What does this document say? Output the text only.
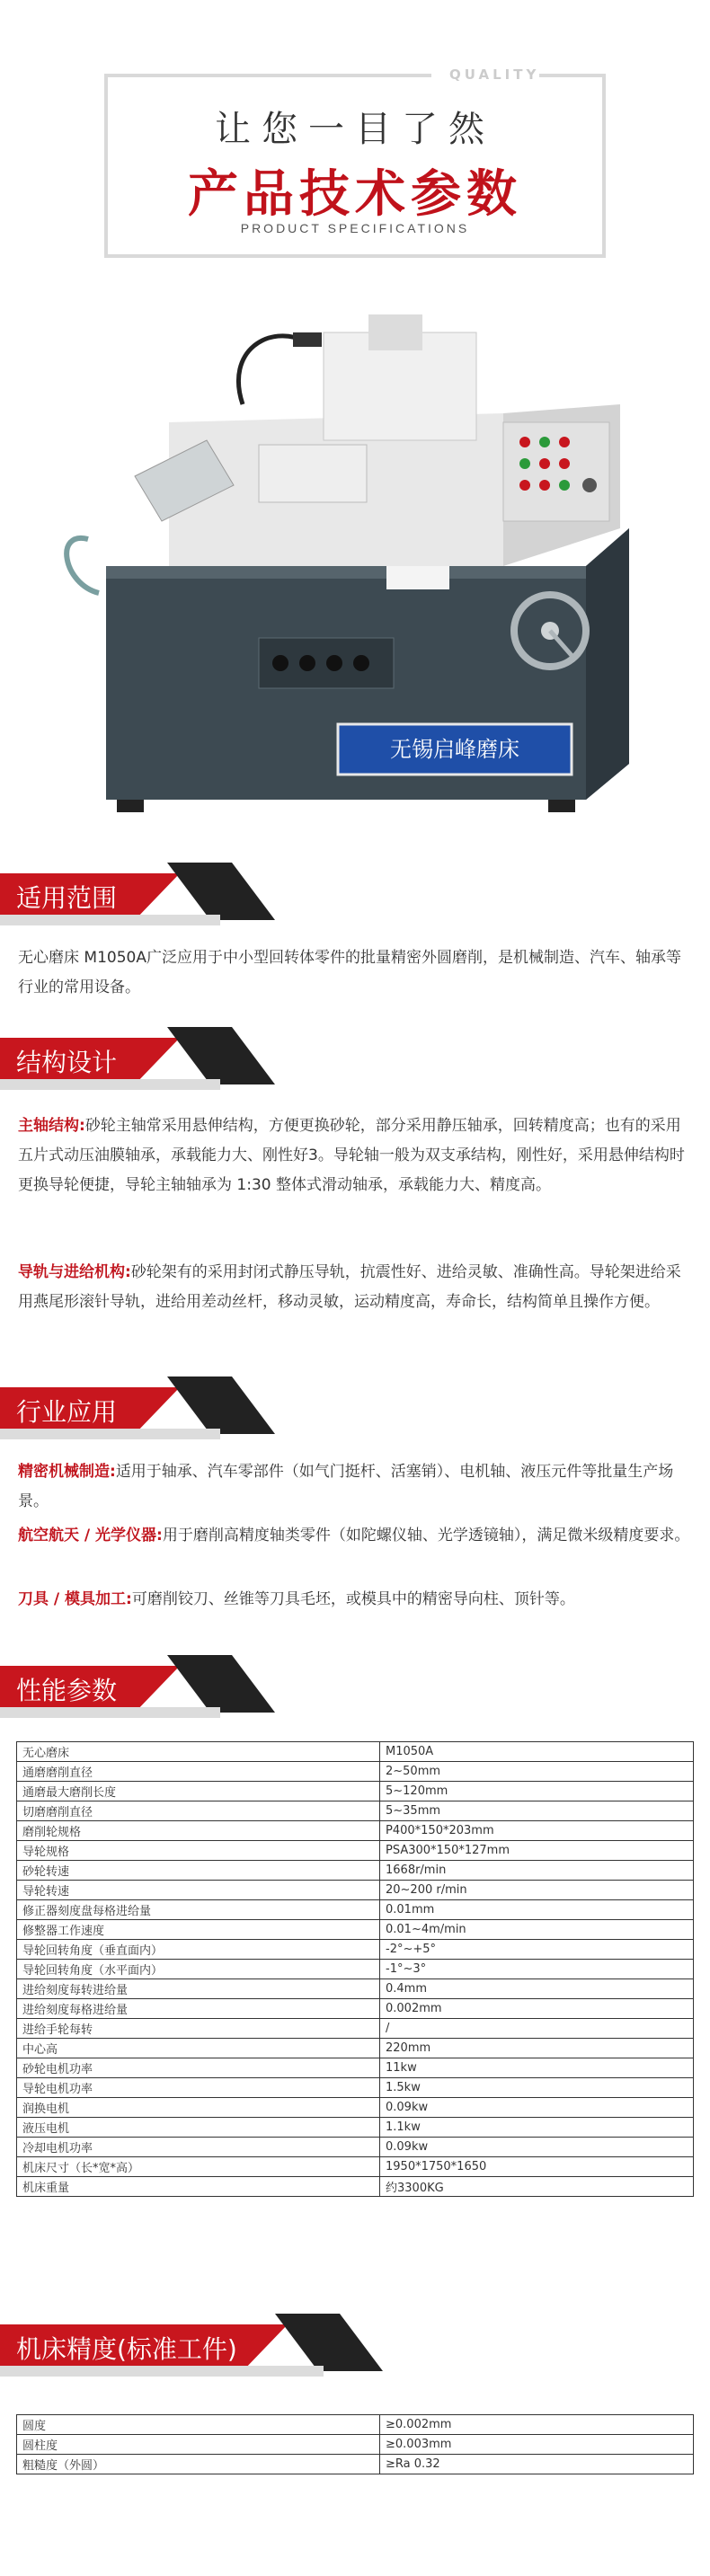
QUALITY
让您一目了然
产品技术参数
PRODUCT SPECIFICATIONS
无锡启峰磨床
适用范围
无心磨床 M1050A广泛应用于中小型回转体零件的批量精密外圆磨削，是机械制造、汽车、轴承等行业的常用设备。
结构设计
主轴结构:砂轮主轴常采用悬伸结构，方便更换砂轮，部分采用静压轴承，回转精度高；也有的采用五片式动压油膜轴承，承载能力大、刚性好3。导轮轴一般为双支承结构，刚性好，采用悬伸结构时更换导轮便捷，导轮主轴轴承为 1:30 整体式滑动轴承，承载能力大、精度高。
导轨与进给机构:砂轮架有的采用封闭式静压导轨，抗震性好、进给灵敏、准确性高。导轮架进给采用燕尾形滚针导轨，进给用差动丝杆，移动灵敏，运动精度高，寿命长，结构简单且操作方便。
行业应用
精密机械制造:适用于轴承、汽车零部件（如气门挺杆、活塞销）、电机轴、液压元件等批量生产场景。
航空航天 / 光学仪器:用于磨削高精度轴类零件（如陀螺仪轴、光学透镜轴），满足微米级精度要求。
刀具 / 模具加工:可磨削铰刀、丝锥等刀具毛坯，或模具中的精密导向柱、顶针等。
性能参数
无心磨床	M1050A
通磨磨削直径	2~50mm
通磨最大磨削长度	5~120mm
切磨磨削直径	5~35mm
磨削轮规格	P400*150*203mm
导轮规格	PSA300*150*127mm
砂轮转速	1668r/min
导轮转速	20~200 r/min
修正器刻度盘每格进给量	0.01mm
修整器工作速度	0.01~4m/min
导轮回转角度（垂直面内）	-2°~+5°
导轮回转角度（水平面内）	-1°~3°
进给刻度每转进给量	0.4mm
进给刻度每格进给量	0.002mm
进给手轮每转	/
中心高	220mm
砂轮电机功率	11kw
导轮电机功率	1.5kw
润换电机	0.09kw
液压电机	1.1kw
冷却电机功率	0.09kw
机床尺寸（长*宽*高）	1950*1750*1650
机床重量	约3300KG
机床精度(标准工件)
圆度	≥0.002mm
圆柱度	≥0.003mm
粗糙度（外圆）	≥Ra 0.32
